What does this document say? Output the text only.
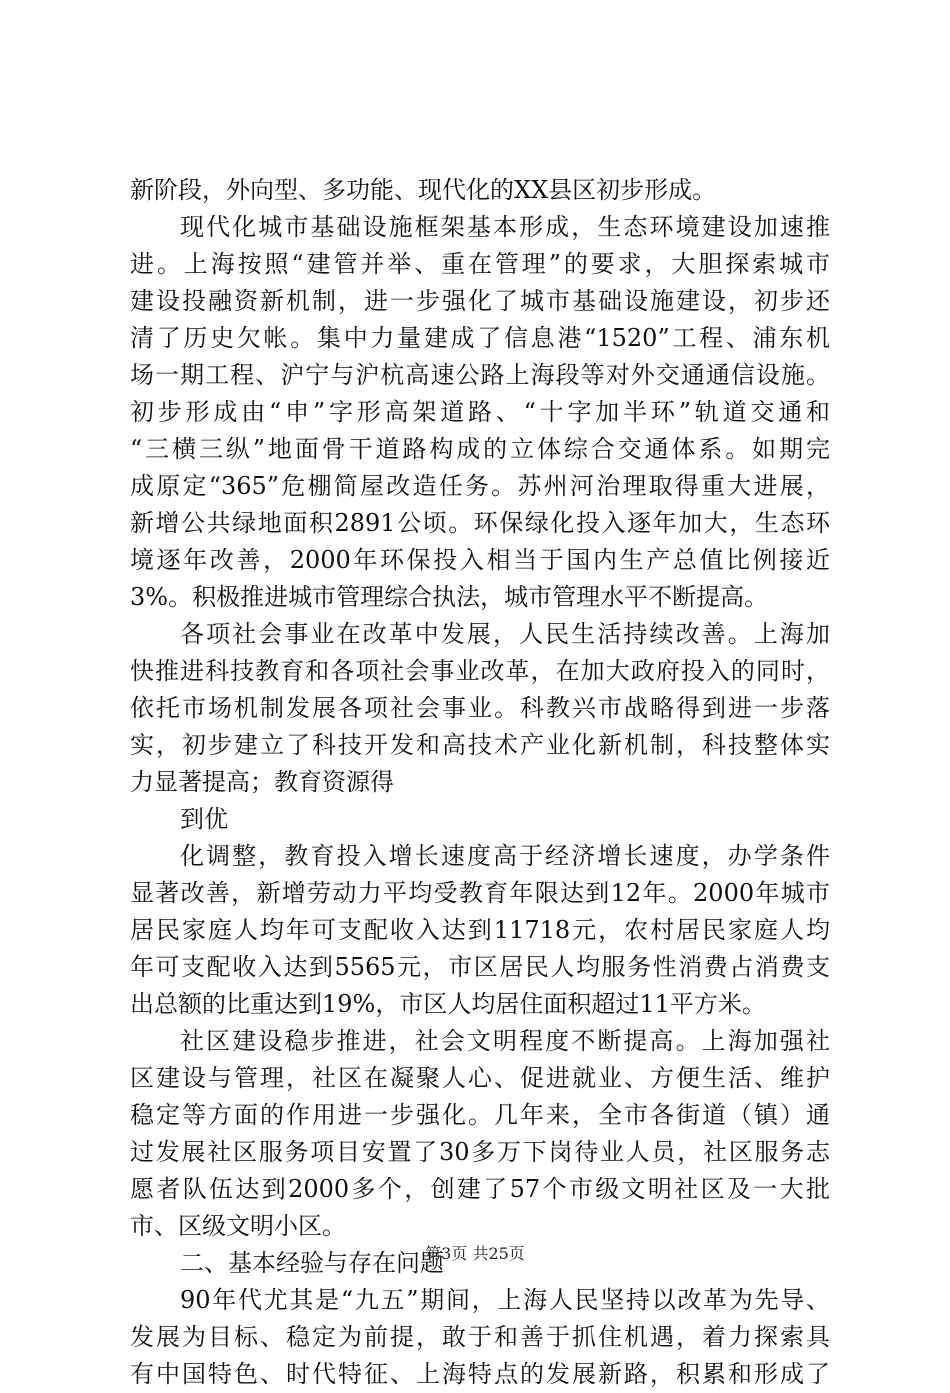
新阶段，外向型、多功能、现代化的XX县区初步形成。
现代化城市基础设施框架基本形成，生态环境建设加速推
进。上海按照“建管并举、重在管理”的要求，大胆探索城市
建设投融资新机制，进一步强化了城市基础设施建设，初步还
清了历史欠帐。集中力量建成了信息港“1520”工程、浦东机
场一期工程、沪宁与沪杭高速公路上海段等对外交通通信设施。
初步形成由“申”字形高架道路、“十字加半环”轨道交通和
“三横三纵”地面骨干道路构成的立体综合交通体系。如期完
成原定“365”危棚简屋改造任务。苏州河治理取得重大进展，
新增公共绿地面积2891公顷。环保绿化投入逐年加大，生态环
境逐年改善，2000年环保投入相当于国内生产总值比例接近
3%。积极推进城市管理综合执法，城市管理水平不断提高。
各项社会事业在改革中发展，人民生活持续改善。上海加
快推进科技教育和各项社会事业改革，在加大政府投入的同时，
依托市场机制发展各项社会事业。科教兴市战略得到进一步落
实，初步建立了科技开发和高技术产业化新机制，科技整体实
力显著提高；教育资源得
到优
化调整，教育投入增长速度高于经济增长速度，办学条件
显著改善，新增劳动力平均受教育年限达到12年。2000年城市
居民家庭人均年可支配收入达到11718元，农村居民家庭人均
年可支配收入达到5565元，市区居民人均服务性消费占消费支
出总额的比重达到19%，市区人均居住面积超过11平方米。
社区建设稳步推进，社会文明程度不断提高。上海加强社
区建设与管理，社区在凝聚人心、促进就业、方便生活、维护
稳定等方面的作用进一步强化。几年来，全市各街道（镇）通
过发展社区服务项目安置了30多万下岗待业人员，社区服务志
愿者队伍达到2000多个，创建了57个市级文明社区及一大批
市、区级文明小区。
二、基本经验与存在问题
90年代尤其是“九五”期间，上海人民坚持以改革为先导、
发展为目标、稳定为前提，敢于和善于抓住机遇，着力探索具
有中国特色、时代特征、上海特点的发展新路，积累和形成了
第3页 共25页
